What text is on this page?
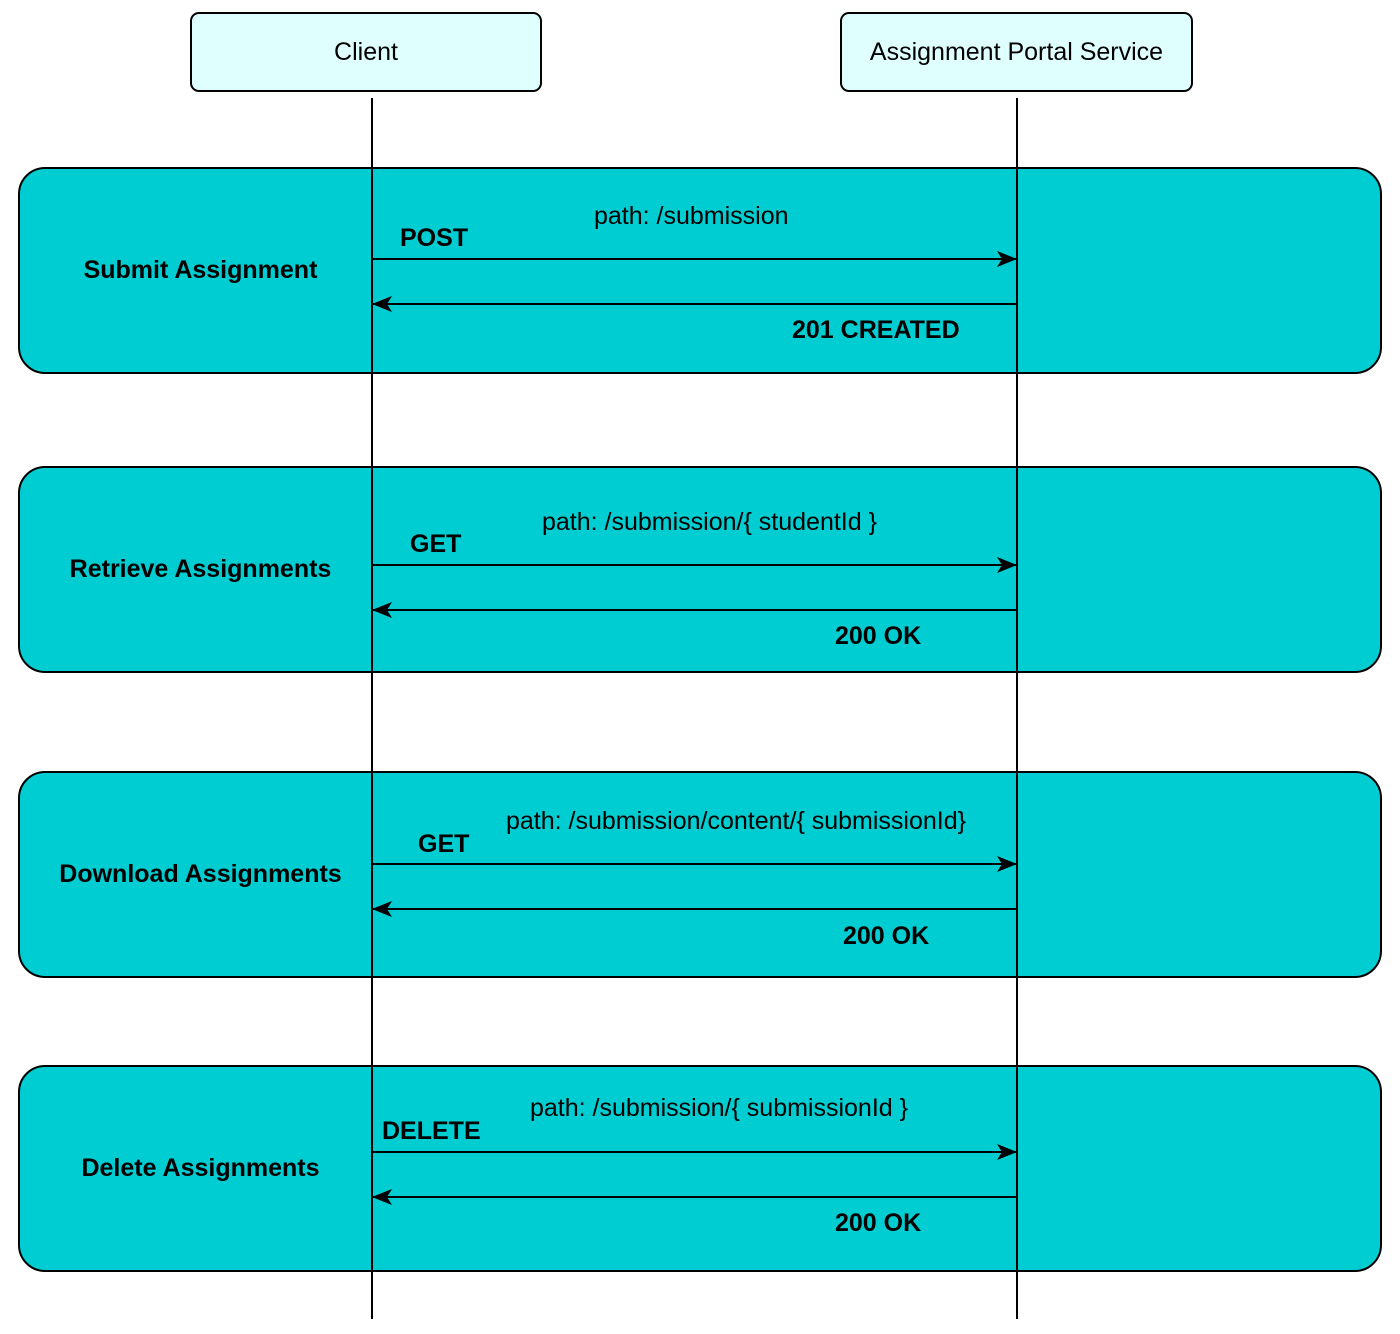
Submit Assignment
Retrieve Assignments
Download Assignments
Delete Assignments
Client	Assignment Portal Service
path: /submission
POST
201 CREATED
path: /submission/{ studentId }
GET
200 OK
path: /submission/content/{ submissionId}
GET
200 OK
path: /submission/{ submissionId }
DELETE
200 OK
